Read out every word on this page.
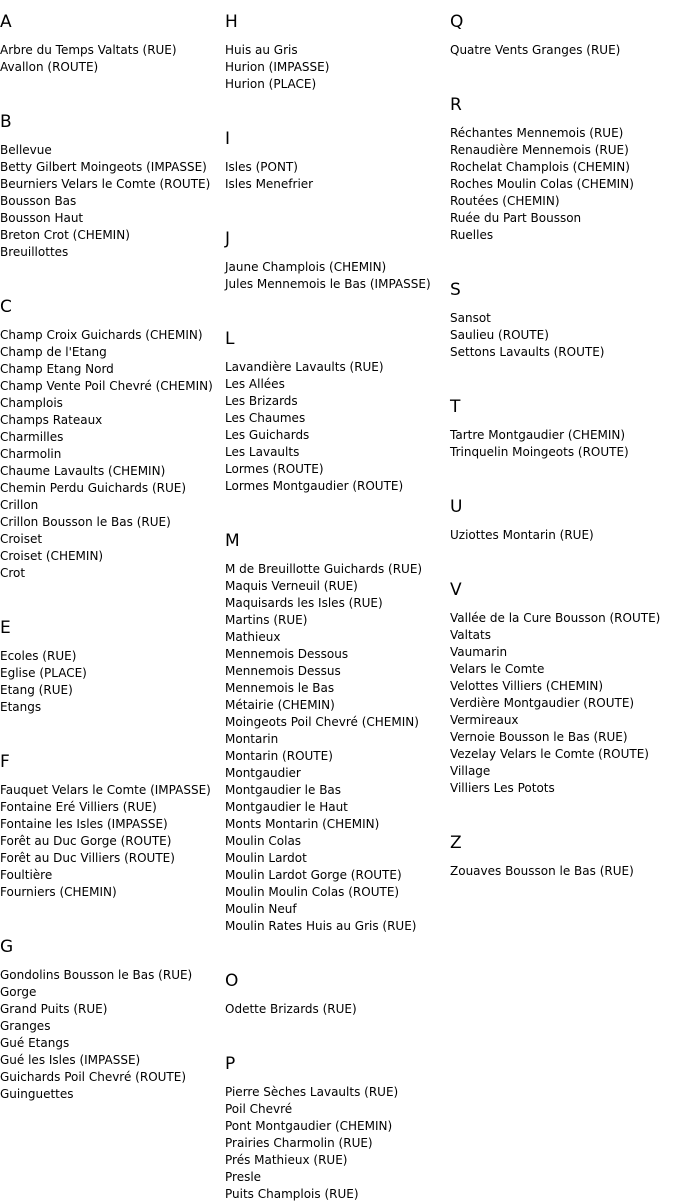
A
Arbre du Temps Valtats (RUE)
Avallon (ROUTE)
B
Bellevue
Betty Gilbert Moingeots (IMPASSE)
Beurniers Velars le Comte (ROUTE)
Bousson Bas
Bousson Haut
Breton Crot (CHEMIN)
Breuillottes
C
Champ Croix Guichards (CHEMIN)
Champ de l'Etang
Champ Etang Nord
Champ Vente Poil Chevré (CHEMIN)
Champlois
Champs Rateaux
Charmilles
Charmolin
Chaume Lavaults (CHEMIN)
Chemin Perdu Guichards (RUE)
Crillon
Crillon Bousson le Bas (RUE)
Croiset
Croiset (CHEMIN)
Crot
E
Ecoles (RUE)
Eglise (PLACE)
Etang (RUE)
Etangs
F
Fauquet Velars le Comte (IMPASSE)
Fontaine Eré Villiers (RUE)
Fontaine les Isles (IMPASSE)
Forêt au Duc Gorge (ROUTE)
Forêt au Duc Villiers (ROUTE)
Foultière
Fourniers (CHEMIN)
G
Gondolins Bousson le Bas (RUE)
Gorge
Grand Puits (RUE)
Granges
Gué Etangs
Gué les Isles (IMPASSE)
Guichards Poil Chevré (ROUTE)
Guinguettes
H
Huis au Gris
Hurion (IMPASSE)
Hurion (PLACE)
I
Isles (PONT)
Isles Menefrier
J
Jaune Champlois (CHEMIN)
Jules Mennemois le Bas (IMPASSE)
L
Lavandière Lavaults (RUE)
Les Allées
Les Brizards
Les Chaumes
Les Guichards
Les Lavaults
Lormes (ROUTE)
Lormes Montgaudier (ROUTE)
M
M de Breuillotte Guichards (RUE)
Maquis Verneuil (RUE)
Maquisards les Isles (RUE)
Martins (RUE)
Mathieux
Mennemois Dessous
Mennemois Dessus
Mennemois le Bas
Métairie (CHEMIN)
Moingeots Poil Chevré (CHEMIN)
Montarin
Montarin (ROUTE)
Montgaudier
Montgaudier le Bas
Montgaudier le Haut
Monts Montarin (CHEMIN)
Moulin Colas
Moulin Lardot
Moulin Lardot Gorge (ROUTE)
Moulin Moulin Colas (ROUTE)
Moulin Neuf
Moulin Rates Huis au Gris (RUE)
O
Odette Brizards (RUE)
P
Pierre Sèches Lavaults (RUE)
Poil Chevré
Pont Montgaudier (CHEMIN)
Prairies Charmolin (RUE)
Prés Mathieux (RUE)
Presle
Puits Champlois (RUE)
Q
Quatre Vents Granges (RUE)
R
Réchantes Mennemois (RUE)
Renaudière Mennemois (RUE)
Rochelat Champlois (CHEMIN)
Roches Moulin Colas (CHEMIN)
Routées (CHEMIN)
Ruée du Part Bousson
Ruelles
S
Sansot
Saulieu (ROUTE)
Settons Lavaults (ROUTE)
T
Tartre Montgaudier (CHEMIN)
Trinquelin Moingeots (ROUTE)
U
Uziottes Montarin (RUE)
V
Vallée de la Cure Bousson (ROUTE)
Valtats
Vaumarin
Velars le Comte
Velottes Villiers (CHEMIN)
Verdière Montgaudier (ROUTE)
Vermireaux
Vernoie Bousson le Bas (RUE)
Vezelay Velars le Comte (ROUTE)
Village
Villiers Les Potots
Z
Zouaves Bousson le Bas (RUE)
